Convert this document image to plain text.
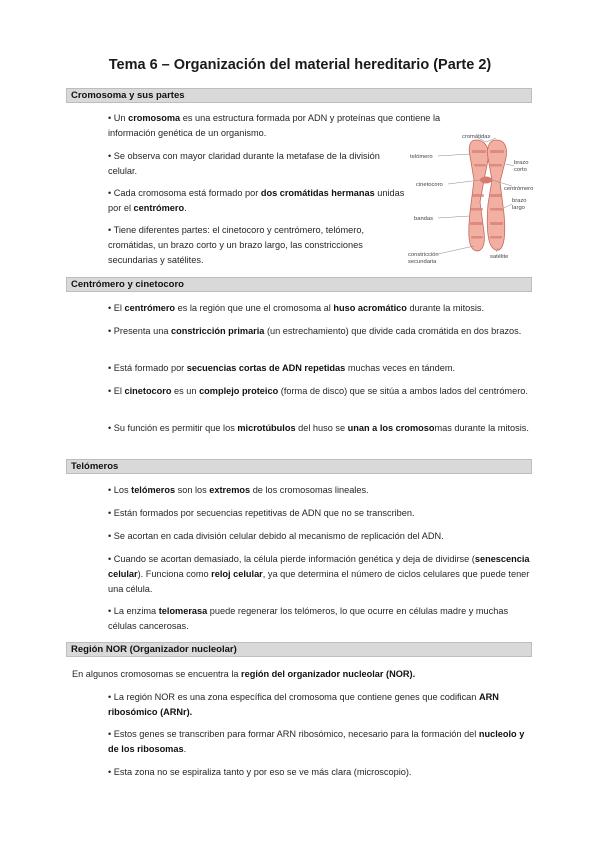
Tema 6 – Organización del material hereditario (Parte 2)
Cromosoma y sus partes

• Un cromosoma es una estructura formada por ADN y proteínas que contiene la información genética de un organismo.

• Se observa con mayor claridad durante la metafase de la división celular.

• Cada cromosoma está formado por dos cromátidas hermanas unidas por el centrómero.

• Tiene diferentes partes: el cinetocoro y centrómero, telómero, cromátidas, un brazo corto y un brazo largo, las constricciones secundarias y satélites.

cromátidas
telómero
brazo
corto
cinetocoro
centrómero
brazo
largo
bandas
constricción
secundaria
satélite
Centrómero y cinetocoro

• El centrómero es la región que une el cromosoma al huso acromático durante la mitosis.

• Presenta una constricción primaria (un estrechamiento) que divide cada cromátida en dos brazos.

• Está formado por secuencias cortas de ADN repetidas muchas veces en tándem.

• El cinetocoro es un complejo proteico (forma de disco) que se sitúa a ambos lados del centrómero.

• Su función es permitir que los microtúbulos del huso se unan a los cromosomas durante la mitosis.

Telómeros

• Los telómeros son los extremos de los cromosomas lineales.

• Están formados por secuencias repetitivas de ADN que no se transcriben.

• Se acortan en cada división celular debido al mecanismo de replicación del ADN.

• Cuando se acortan demasiado, la célula pierde información genética y deja de dividirse (senescencia celular). Funciona como reloj celular, ya que determina el número de ciclos celulares que puede tener una célula.

• La enzima telomerasa puede regenerar los telómeros, lo que ocurre en células madre y muchas células cancerosas.

Región NOR (Organizador nucleolar)

En algunos cromosomas se encuentra la región del organizador nucleolar (NOR).

• La región NOR es una zona específica del cromosoma que contiene genes que codifican ARN ribosómico (ARNr).

• Estos genes se transcriben para formar ARN ribosómico, necesario para la formación del nucleolo y de los ribosomas.

• Esta zona no se espiraliza tanto y por eso se ve más clara (microscopio).
